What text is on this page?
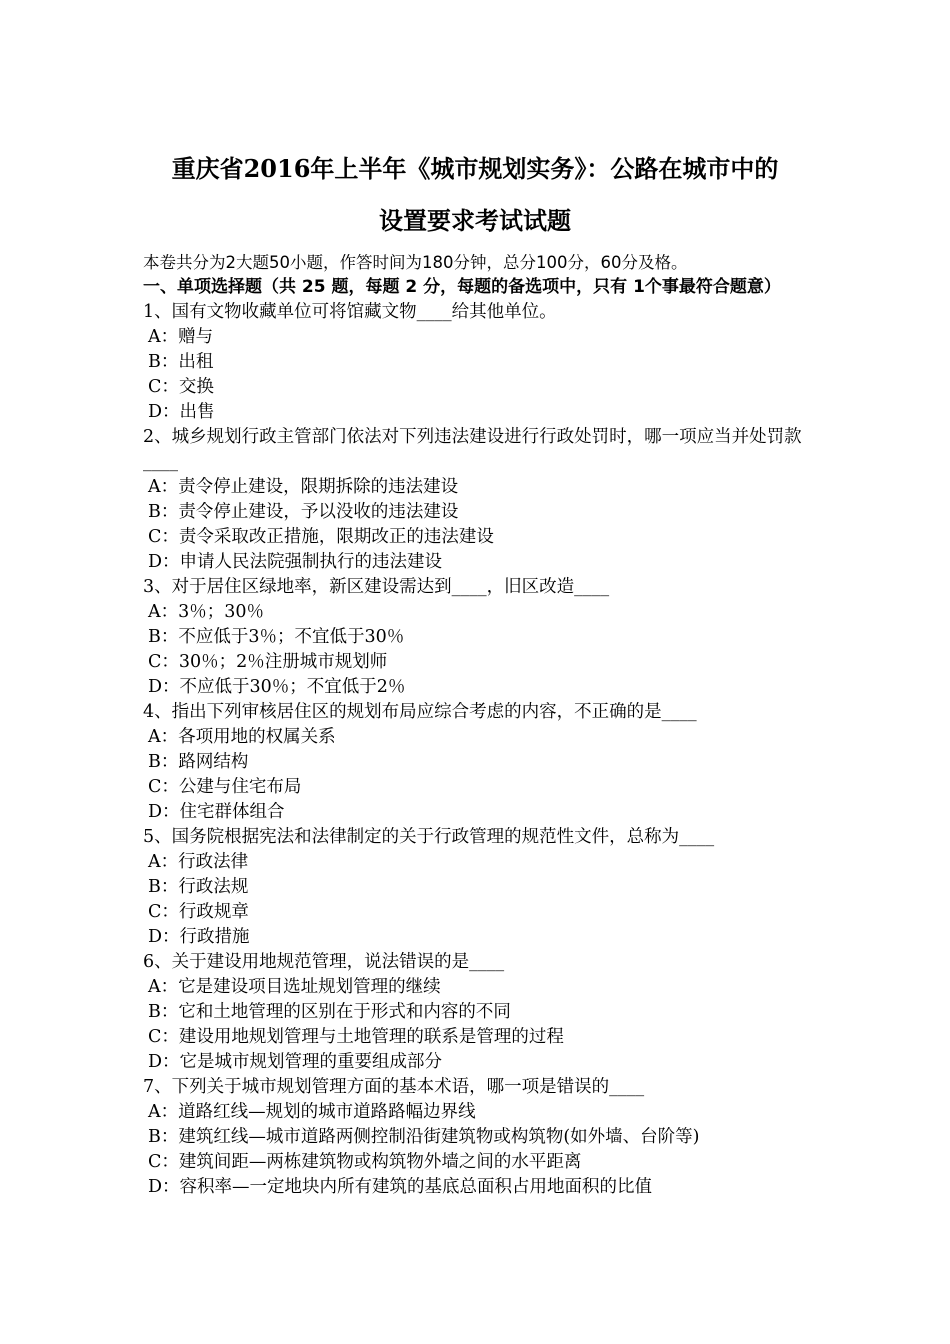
重庆省2016年上半年《城市规划实务》：公路在城市中的
设置要求考试试题
本卷共分为2大题50小题，作答时间为180分钟，总分100分，60分及格。
一、单项选择题（共 25 题，每题 2 分，每题的备选项中，只有 1个事最符合题意）
1、国有文物收藏单位可将馆藏文物____给其他单位。
A：赠与
B：出租
C：交换
D：出售
2、城乡规划行政主管部门依法对下列违法建设进行行政处罚时，哪一项应当并处罚款____
A：责令停止建设，限期拆除的违法建设
B：责令停止建设，予以没收的违法建设
C：责令采取改正措施，限期改正的违法建设
D：申请人民法院强制执行的违法建设
3、对于居住区绿地率，新区建设需达到____，旧区改造____
A：3％；30％
B：不应低于3％；不宜低于30％
C：30％；2％注册城市规划师
D：不应低于30％；不宜低于2％
4、指出下列审核居住区的规划布局应综合考虑的内容，不正确的是____
A：各项用地的权属关系
B：路网结构
C：公建与住宅布局
D：住宅群体组合
5、国务院根据宪法和法律制定的关于行政管理的规范性文件，总称为____
A：行政法律
B：行政法规
C：行政规章
D：行政措施
6、关于建设用地规范管理，说法错误的是____
A：它是建设项目选址规划管理的继续
B：它和土地管理的区别在于形式和内容的不同
C：建设用地规划管理与土地管理的联系是管理的过程
D：它是城市规划管理的重要组成部分
7、下列关于城市规划管理方面的基本术语，哪一项是错误的____
A：道路红线—规划的城市道路路幅边界线
B：建筑红线—城市道路两侧控制沿街建筑物或构筑物(如外墙、台阶等)
C：建筑间距—两栋建筑物或构筑物外墙之间的水平距离
D：容积率—一定地块内所有建筑的基底总面积占用地面积的比值
